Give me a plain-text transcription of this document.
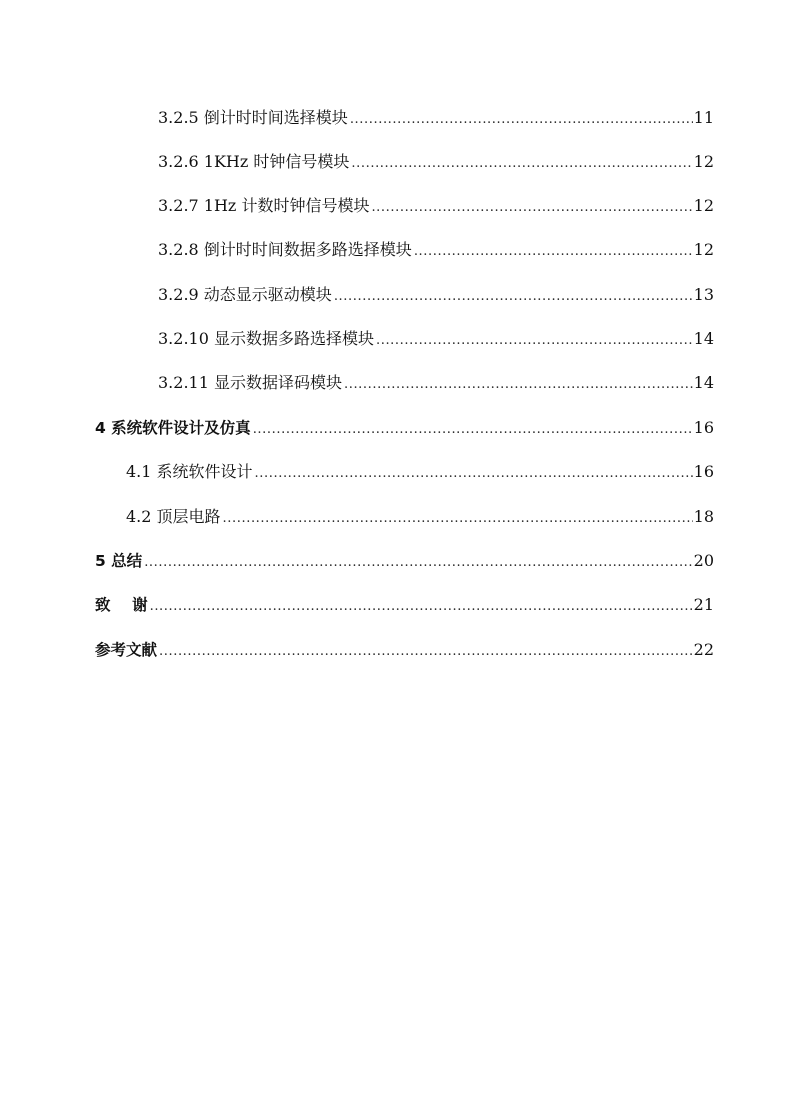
3.2.5 倒计时时间选择模块 .....	11
3.2.6 1KHz 时钟信号模块 .....	12
3.2.7 1Hz 计数时钟信号模块 .....	12
3.2.8 倒计时时间数据多路选择模块 .....	12
3.2.9 动态显示驱动模块 .....	13
3.2.10 显示数据多路选择模块 .....	14
3.2.11 显示数据译码模块 .....	14
4 系统软件设计及仿真 .....	16
4.1 系统软件设计 .....	16
4.2 顶层电路 .....	18
5 总结 .....	20
致    谢 .....	21
参考文献 .....	22
